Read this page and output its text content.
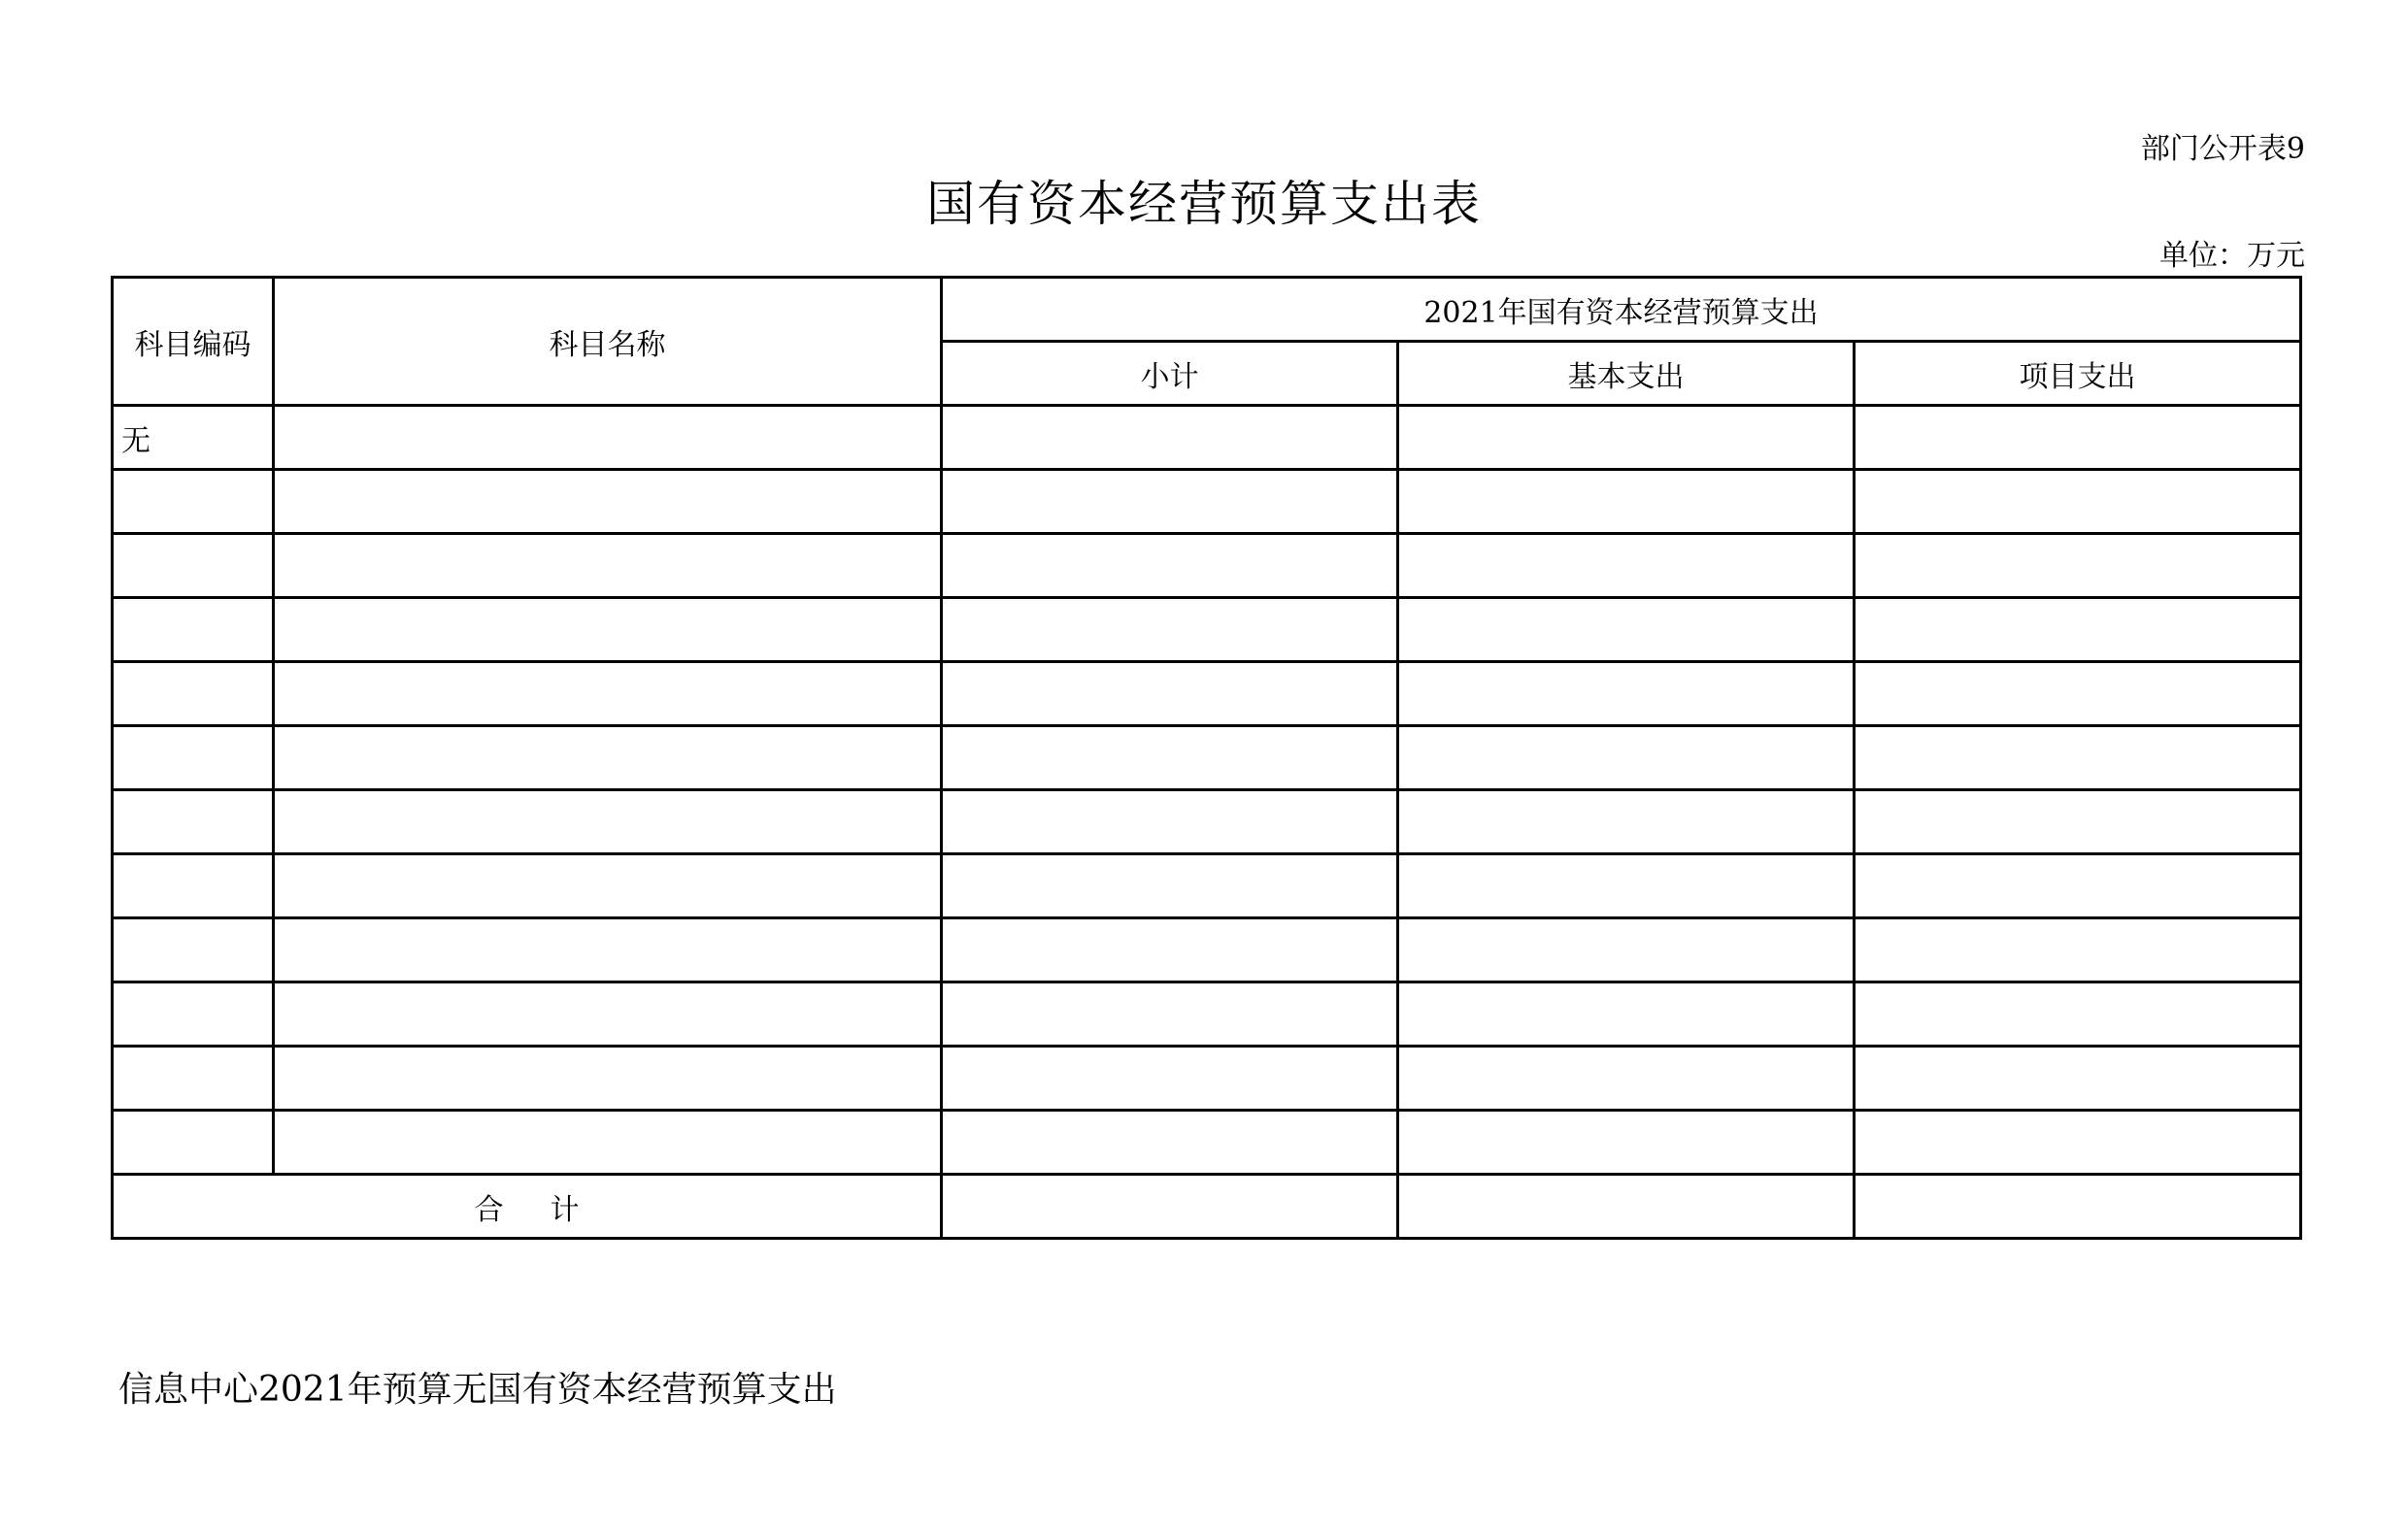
部门公开表9
国有资本经营预算支出表
单位：万元
科目编码	科目名称	2021年国有资本经营预算支出		
		小计	基本支出	项目支出
无				

合计				
信息中心2021年预算无国有资本经营预算支出
